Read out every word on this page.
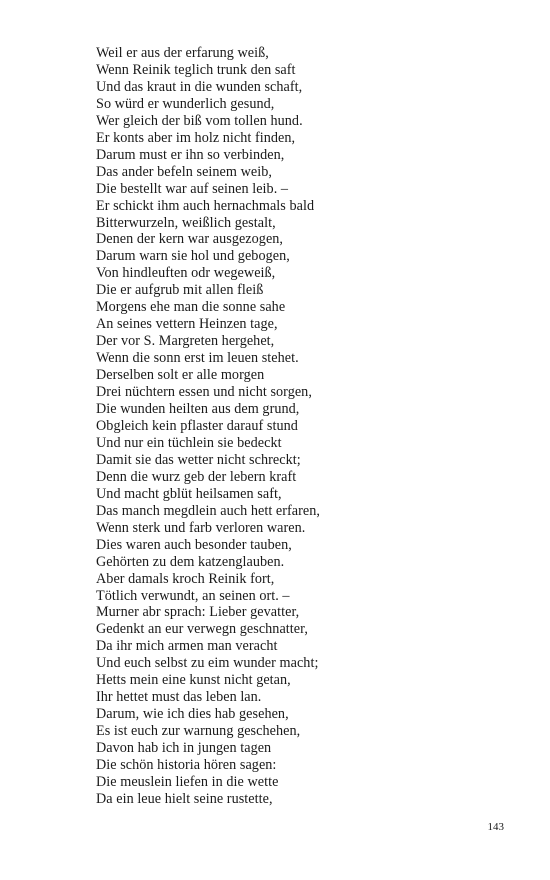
Weil er aus der erfarung weiß,
Wenn Reinik teglich trunk den saft
Und das kraut in die wunden schaft,
So würd er wunderlich gesund,
Wer gleich der biß vom tollen hund.
Er konts aber im holz nicht finden,
Darum must er ihn so verbinden,
Das ander befeln seinem weib,
Die bestellt war auf seinen leib. –
Er schickt ihm auch hernachmals bald
Bitterwurzeln, weißlich gestalt,
Denen der kern war ausgezogen,
Darum warn sie hol und gebogen,
Von hindleuften odr wegeweiß,
Die er aufgrub mit allen fleiß
Morgens ehe man die sonne sahe
An seines vettern Heinzen tage,
Der vor S. Margreten hergehet,
Wenn die sonn erst im leuen stehet.
Derselben solt er alle morgen
Drei nüchtern essen und nicht sorgen,
Die wunden heilten aus dem grund,
Obgleich kein pflaster darauf stund
Und nur ein tüchlein sie bedeckt
Damit sie das wetter nicht schreckt;
Denn die wurz geb der lebern kraft
Und macht gblüt heilsamen saft,
Das manch megdlein auch hett erfaren,
Wenn sterk und farb verloren waren.
Dies waren auch besonder tauben,
Gehörten zu dem katzenglauben.
Aber damals kroch Reinik fort,
Tötlich verwundt, an seinen ort. –
Murner abr sprach: Lieber gevatter,
Gedenkt an eur verwegn geschnatter,
Da ihr mich armen man veracht
Und euch selbst zu eim wunder macht;
Hetts mein eine kunst nicht getan,
Ihr hettet must das leben lan.
Darum, wie ich dies hab gesehen,
Es ist euch zur warnung geschehen,
Davon hab ich in jungen tagen
Die schön historia hören sagen:
Die meuslein liefen in die wette
Da ein leue hielt seine rustette,
143
